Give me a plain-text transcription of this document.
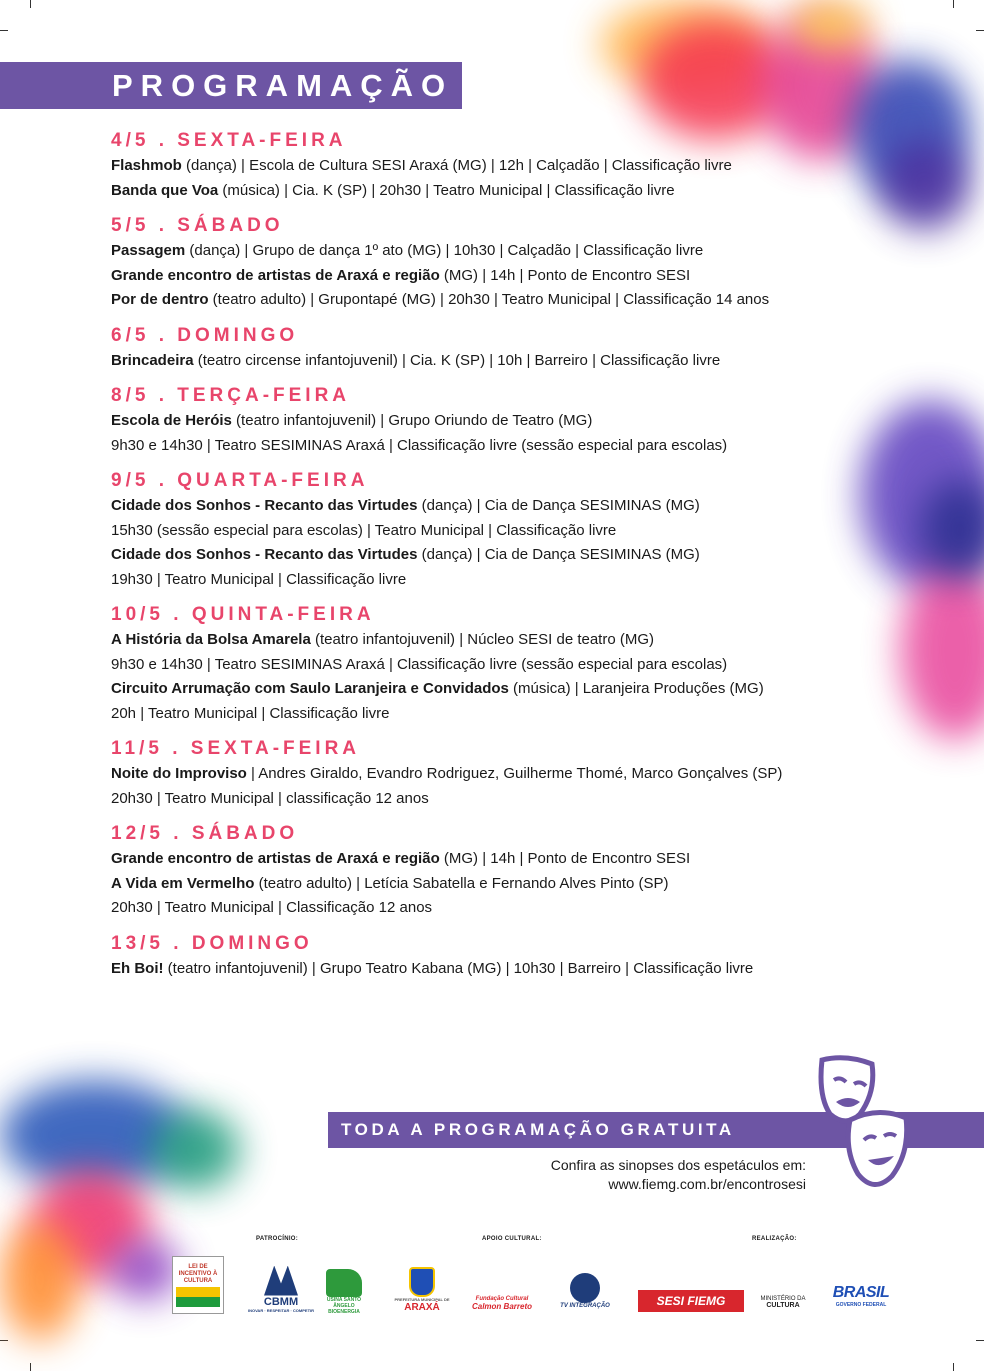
PROGRAMAÇÃO
4/5 . SEXTA-FEIRA
Flashmob (dança) | Escola de Cultura SESI Araxá (MG) | 12h | Calçadão | Classificação livre
Banda que Voa (música) | Cia. K (SP) | 20h30 | Teatro Municipal | Classificação livre
5/5 . SÁBADO
Passagem (dança) | Grupo de dança 1º ato (MG) | 10h30 | Calçadão | Classificação livre
Grande encontro de artistas de Araxá e região (MG) | 14h | Ponto de Encontro SESI
Por de dentro (teatro adulto) | Grupontapé (MG) | 20h30 | Teatro Municipal | Classificação 14 anos
6/5 . DOMINGO
Brincadeira (teatro circense infantojuvenil) | Cia. K (SP) | 10h | Barreiro | Classificação livre
8/5 . TERÇA-FEIRA
Escola de Heróis (teatro infantojuvenil) | Grupo Oriundo de Teatro (MG)
9h30 e 14h30 | Teatro SESIMINAS Araxá | Classificação livre (sessão especial para escolas)
9/5 . QUARTA-FEIRA
Cidade dos Sonhos - Recanto das Virtudes (dança) | Cia de Dança SESIMINAS (MG)
15h30 (sessão especial para escolas) | Teatro Municipal | Classificação livre
Cidade dos Sonhos - Recanto das Virtudes (dança) | Cia de Dança SESIMINAS (MG)
19h30 | Teatro Municipal | Classificação livre
10/5 . QUINTA-FEIRA
A História da Bolsa Amarela (teatro infantojuvenil) | Núcleo SESI de teatro (MG)
9h30 e 14h30 | Teatro SESIMINAS Araxá | Classificação livre (sessão especial para escolas)
Circuito Arrumação com Saulo Laranjeira e Convidados (música) | Laranjeira Produções (MG)
20h | Teatro Municipal | Classificação livre
11/5 . SEXTA-FEIRA
Noite do Improviso | Andres Giraldo, Evandro Rodriguez, Guilherme Thomé, Marco Gonçalves (SP)
20h30 | Teatro Municipal | classificação 12 anos
12/5 . SÁBADO
Grande encontro de artistas de Araxá e região (MG) | 14h | Ponto de Encontro SESI
A Vida em Vermelho (teatro adulto) | Letícia Sabatella e Fernando Alves Pinto (SP)
20h30 | Teatro Municipal | Classificação 12 anos
13/5 . DOMINGO
Eh Boi! (teatro infantojuvenil) | Grupo Teatro Kabana (MG) | 10h30 | Barreiro | Classificação livre
TODA A PROGRAMAÇÃO GRATUITA
Confira as sinopses dos espetáculos em:
www.fiemg.com.br/encontrosesi
PATROCÍNIO:	APOIO CULTURAL:	REALIZAÇÃO:
LEI DE INCENTIVO À CULTURA
CBMM
INOVAR · RESPEITAR · COMPETIR
USINA SANTO ÂNGELO
BIOENERGIA
PREFEITURA MUNICIPAL DE
ARAXÁ
Fundação Cultural
Calmon Barreto	TV INTEGRAÇÃO	SESI FIEMG	MINISTÉRIO DA
CULTURA
BRASIL
GOVERNO FEDERAL
